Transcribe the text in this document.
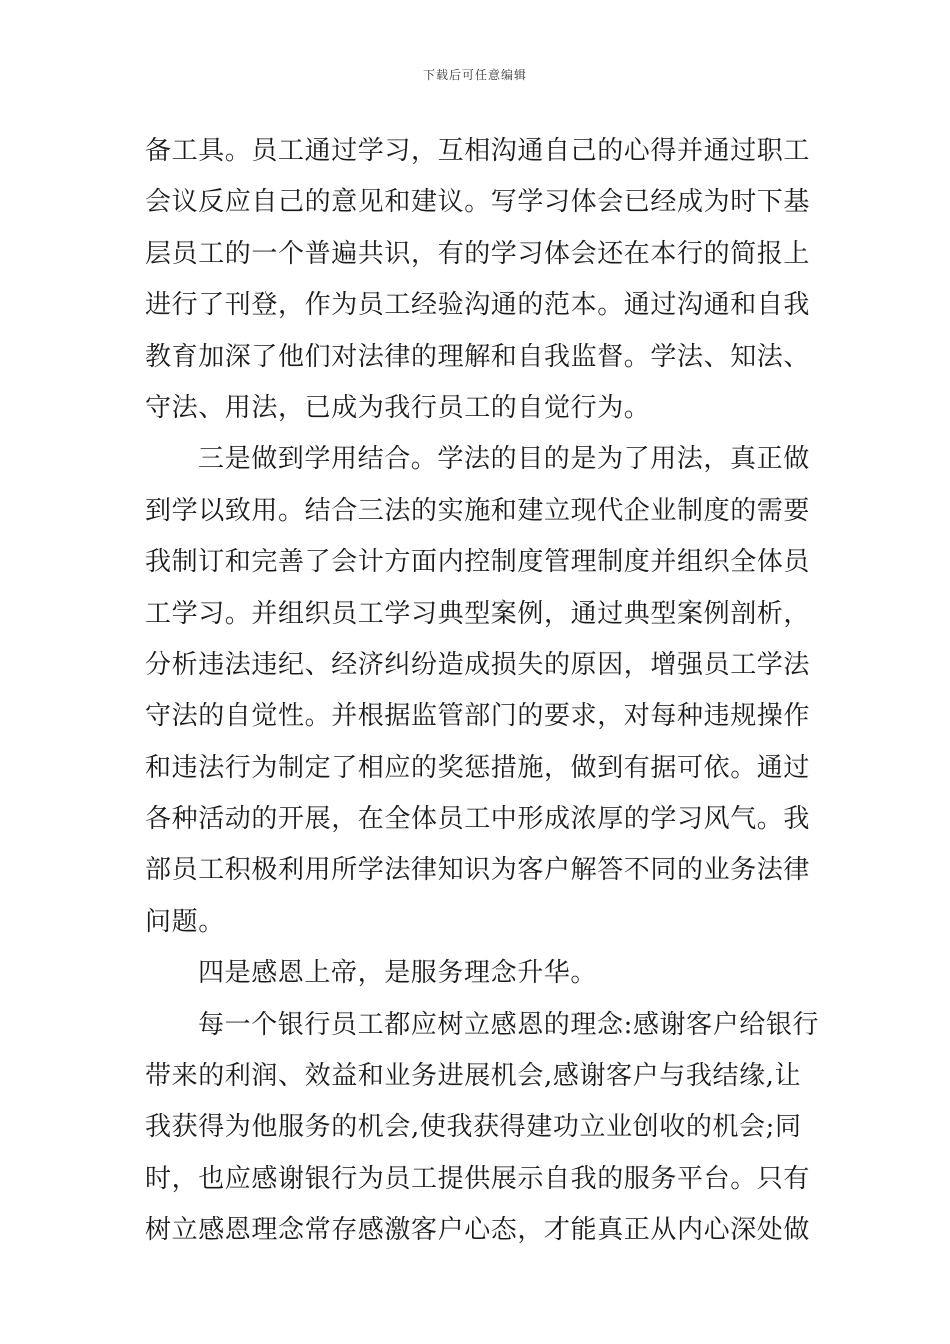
下载后可任意编辑
备工具。员工通过学习，互相沟通自己的心得并通过职工
会议反应自己的意见和建议。写学习体会已经成为时下基
层员工的一个普遍共识，有的学习体会还在本行的简报上
进行了刊登，作为员工经验沟通的范本。通过沟通和自我
教育加深了他们对法律的理解和自我监督。学法、知法、
守法、用法，已成为我行员工的自觉行为。
三是做到学用结合。学法的目的是为了用法，真正做
到学以致用。结合三法的实施和建立现代企业制度的需要
我制订和完善了会计方面内控制度管理制度并组织全体员
工学习。并组织员工学习典型案例，通过典型案例剖析，
分析违法违纪、经济纠纷造成损失的原因，增强员工学法
守法的自觉性。并根据监管部门的要求，对每种违规操作
和违法行为制定了相应的奖惩措施，做到有据可依。通过
各种活动的开展，在全体员工中形成浓厚的学习风气。我
部员工积极利用所学法律知识为客户解答不同的业务法律
问题。
四是感恩上帝，是服务理念升华。
每一个银行员工都应树立感恩的理念:感谢客户给银行
带来的利润、效益和业务进展机会,感谢客户与我结缘,让
我获得为他服务的机会,使我获得建功立业创收的机会;同
时，也应感谢银行为员工提供展示自我的服务平台。只有
树立感恩理念常存感激客户心态，才能真正从内心深处做
